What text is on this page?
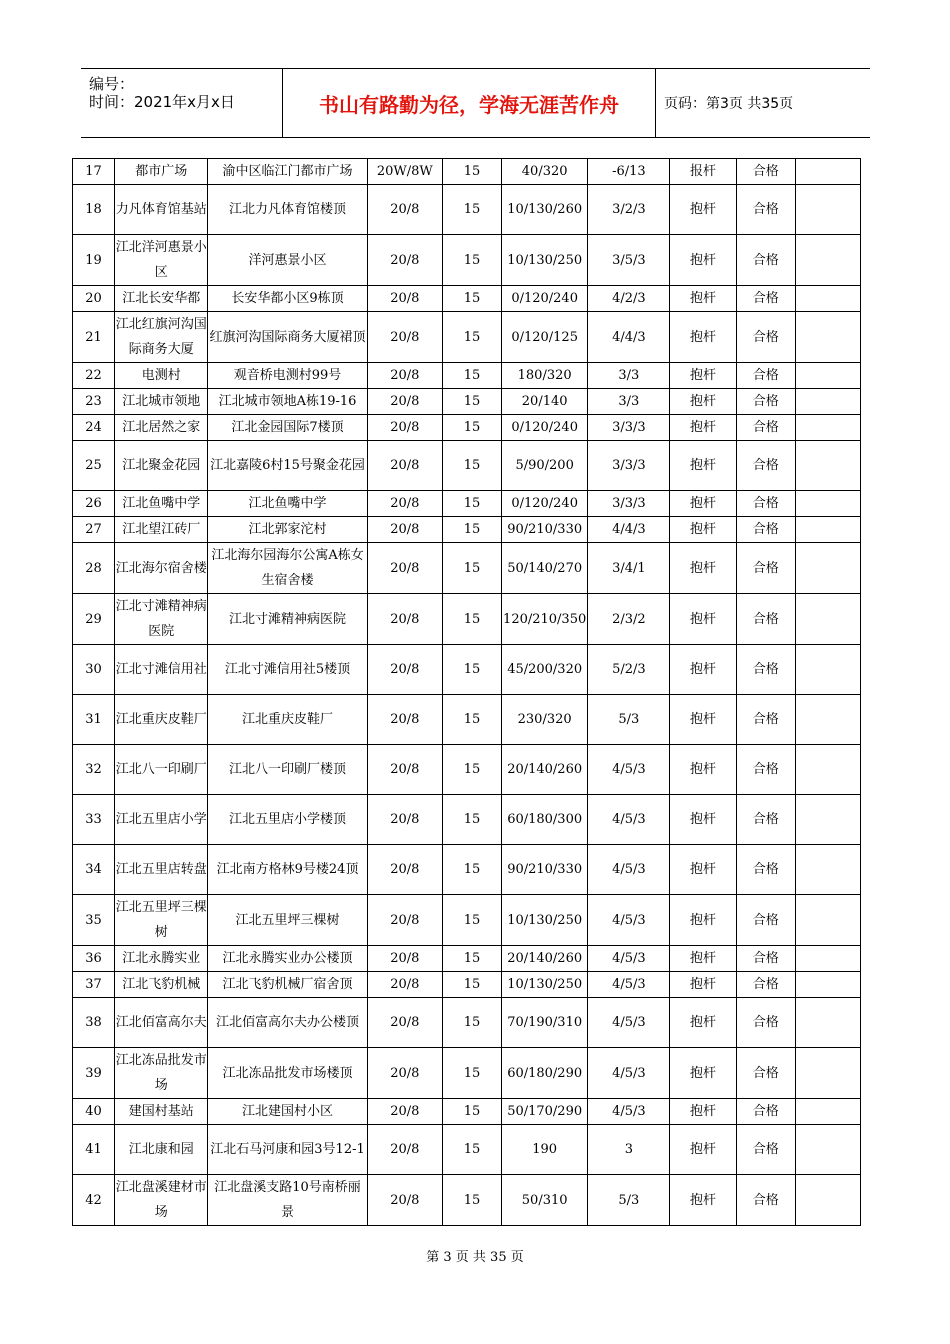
编号：
时间：2021年x月x日	书山有路勤为径，学海无涯苦作舟	页码：第3页 共35页
17	都市广场	渝中区临江门都市广场	20W/8W	15	40/320	-6/13	报杆	合格	
18	力凡体育馆基站	江北力凡体育馆楼顶	20/8	15	10/130/260	3/2/3	抱杆	合格	
19	江北洋河惠景小区	洋河惠景小区	20/8	15	10/130/250	3/5/3	抱杆	合格	
20	江北长安华都	长安华都小区9栋顶	20/8	15	0/120/240	4/2/3	抱杆	合格	
21	江北红旗河沟国际商务大厦	红旗河沟国际商务大厦裙顶	20/8	15	0/120/125	4/4/3	抱杆	合格	
22	电测村	观音桥电测村99号	20/8	15	180/320	3/3	抱杆	合格	
23	江北城市领地	江北城市领地A栋19-16	20/8	15	20/140	3/3	抱杆	合格	
24	江北居然之家	江北金园国际7楼顶	20/8	15	0/120/240	3/3/3	抱杆	合格	
25	江北聚金花园	江北嘉陵6村15号聚金花园	20/8	15	5/90/200	3/3/3	抱杆	合格	
26	江北鱼嘴中学	江北鱼嘴中学	20/8	15	0/120/240	3/3/3	抱杆	合格	
27	江北望江砖厂	江北郭家沱村	20/8	15	90/210/330	4/4/3	抱杆	合格	
28	江北海尔宿舍楼	江北海尔园海尔公寓A栋女生宿舍楼	20/8	15	50/140/270	3/4/1	抱杆	合格	
29	江北寸滩精神病医院	江北寸滩精神病医院	20/8	15	120/210/350	2/3/2	抱杆	合格	
30	江北寸滩信用社	江北寸滩信用社5楼顶	20/8	15	45/200/320	5/2/3	抱杆	合格	
31	江北重庆皮鞋厂	江北重庆皮鞋厂	20/8	15	230/320	5/3	抱杆	合格	
32	江北八一印刷厂	江北八一印刷厂楼顶	20/8	15	20/140/260	4/5/3	抱杆	合格	
33	江北五里店小学	江北五里店小学楼顶	20/8	15	60/180/300	4/5/3	抱杆	合格	
34	江北五里店转盘	江北南方格林9号楼24顶	20/8	15	90/210/330	4/5/3	抱杆	合格	
35	江北五里坪三棵树	江北五里坪三棵树	20/8	15	10/130/250	4/5/3	抱杆	合格	
36	江北永腾实业	江北永腾实业办公楼顶	20/8	15	20/140/260	4/5/3	抱杆	合格	
37	江北飞豹机械	江北飞豹机械厂宿舍顶	20/8	15	10/130/250	4/5/3	抱杆	合格	
38	江北佰富高尔夫	江北佰富高尔夫办公楼顶	20/8	15	70/190/310	4/5/3	抱杆	合格	
39	江北冻品批发市场	江北冻品批发市场楼顶	20/8	15	60/180/290	4/5/3	抱杆	合格	
40	建国村基站	江北建国村小区	20/8	15	50/170/290	4/5/3	抱杆	合格	
41	江北康和园	江北石马河康和园3号12-1	20/8	15	190	3	抱杆	合格	
42	江北盘溪建材市场	江北盘溪支路10号南桥丽景	20/8	15	50/310	5/3	抱杆	合格	
第 3 页 共 35 页
